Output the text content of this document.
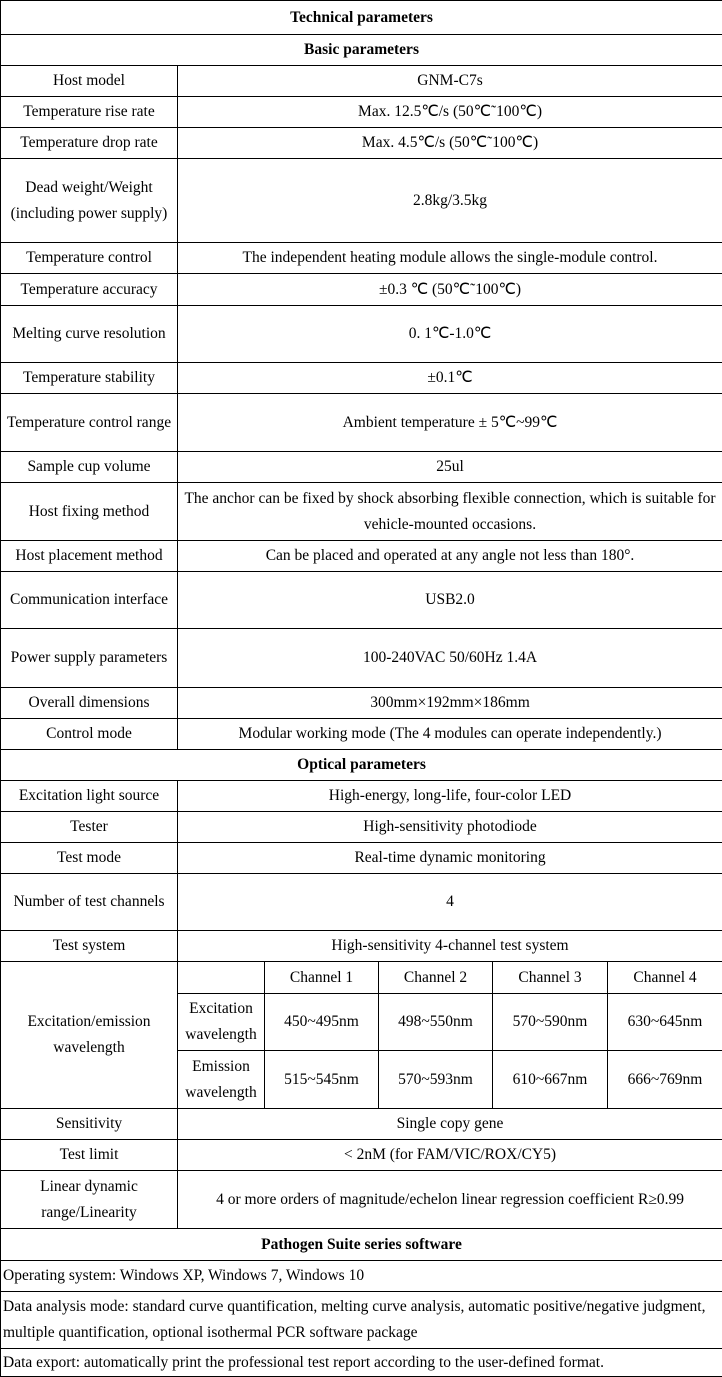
Technical parameters					
Basic parameters					
Host model	GNM-C7s				
Temperature rise rate	Max. 12.5℃/s (50℃˜100℃)				
Temperature drop rate	Max. 4.5℃/s (50℃˜100℃)				
Dead weight/Weight (including power supply)	2.8kg/3.5kg				
Temperature control	The independent heating module allows the single-module control.				
Temperature accuracy	±0.3 ℃ (50℃˜100℃)				
Melting curve resolution	0. 1℃-1.0℃				
Temperature stability	±0.1℃				
Temperature control range	Ambient temperature ± 5℃~99℃				
Sample cup volume	25ul				
Host fixing method	The anchor can be fixed by shock absorbing flexible connection, which is suitable for vehicle-mounted occasions.				
Host placement method	Can be placed and operated at any angle not less than 180°.				
Communication interface	USB2.0				
Power supply parameters	100-240VAC 50/60Hz 1.4A				
Overall dimensions	300mm×192mm×186mm				
Control mode	Modular working mode (The 4 modules can operate independently.)				
Optical parameters					
Excitation light source	High-energy, long-life, four-color LED				
Tester	High-sensitivity photodiode				
Test mode	Real-time dynamic monitoring				
Number of test channels	4				
Test system	High-sensitivity 4-channel test system				
Excitation/emission wavelength		Channel 1	Channel 2	Channel 3	Channel 4
	Excitation wavelength	450~495nm	498~550nm	570~590nm	630~645nm
	Emission wavelength	515~545nm	570~593nm	610~667nm	666~769nm
Sensitivity	Single copy gene				
Test limit	< 2nM (for FAM/VIC/ROX/CY5)				
Linear dynamic range/Linearity	4 or more orders of magnitude/echelon linear regression coefficient R≥0.99				
Pathogen Suite series software					
Operating system: Windows XP, Windows 7, Windows 10					
Data analysis mode: standard curve quantification, melting curve analysis, automatic positive/negative judgment, multiple quantification, optional isothermal PCR software package					
Data export: automatically print the professional test report according to the user-defined format.					
